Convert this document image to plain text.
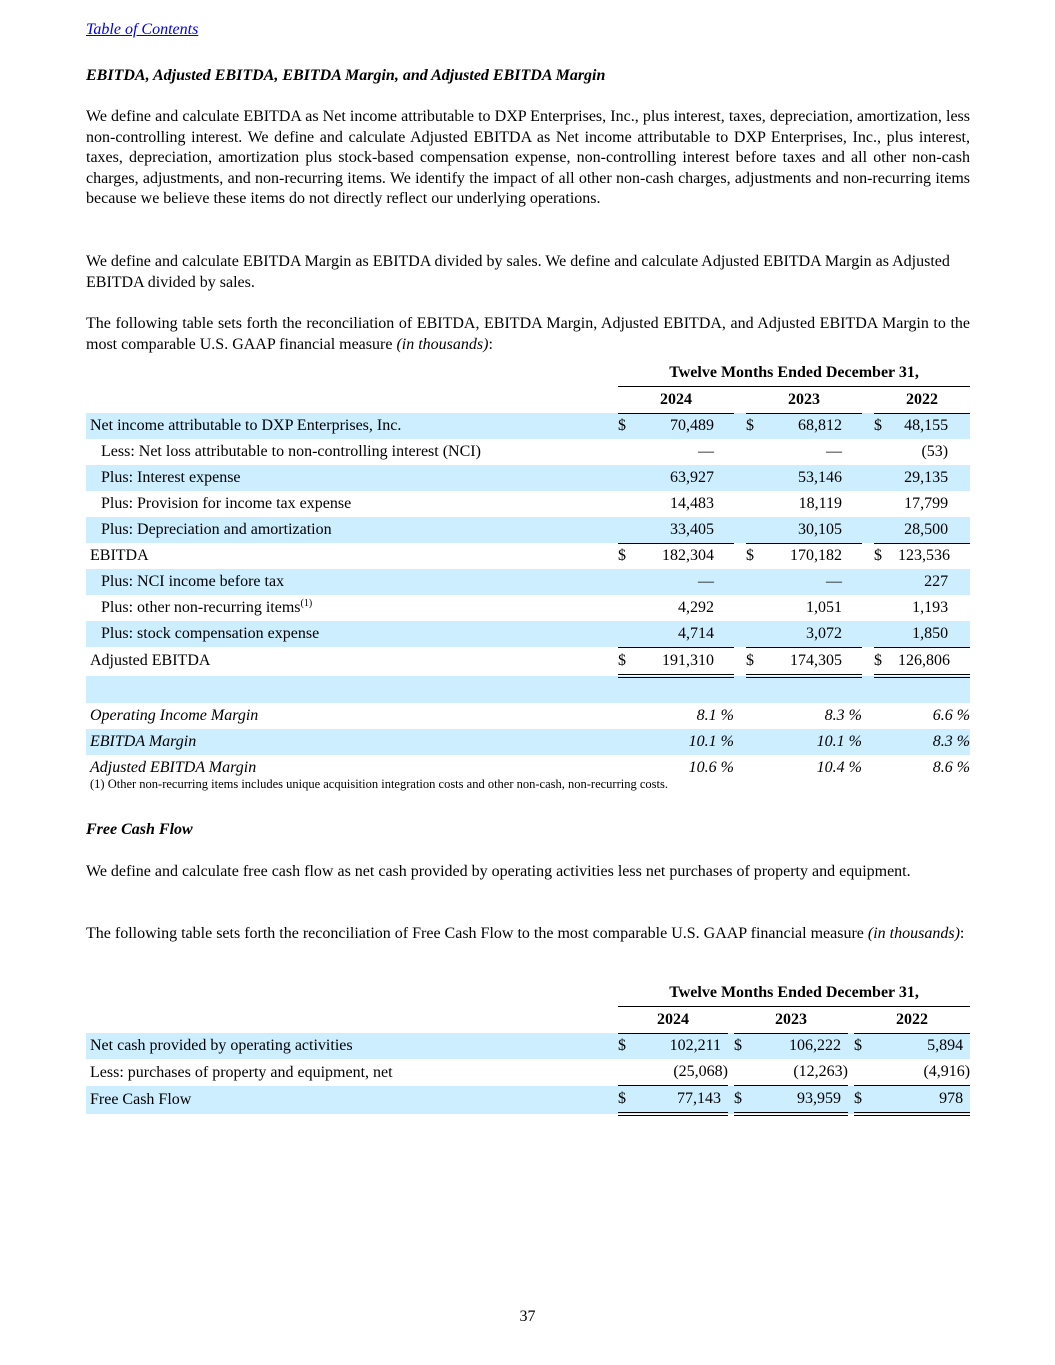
Table of Contents

EBITDA, Adjusted EBITDA, EBITDA Margin, and Adjusted EBITDA Margin

We define and calculate EBITDA as Net income attributable to DXP Enterprises, Inc., plus interest, taxes, depreciation, amortization, less non-controlling interest. We define and calculate Adjusted EBITDA as Net income attributable to DXP Enterprises, Inc., plus interest, taxes, depreciation, amortization plus stock-based compensation expense, non-controlling interest before taxes and all other non-cash charges, adjustments, and non-recurring items. We identify the impact of all other non-cash charges, adjustments and non-recurring items because we believe these items do not directly reflect our underlying operations.

We define and calculate EBITDA Margin as EBITDA divided by sales. We define and calculate Adjusted EBITDA Margin as Adjusted EBITDA divided by sales.

The following table sets forth the reconciliation of EBITDA, EBITDA Margin, Adjusted EBITDA, and Adjusted EBITDA Margin to the most comparable U.S. GAAP financial measure (in thousands):

		Twelve Months Ended December 31,							
		2024			2023			2022	
Net income attributable to DXP Enterprises, Inc.		$	70,489		$	68,812		$	48,155
Less: Net loss attributable to non-controlling interest (NCI)			—			—			(53)
Plus: Interest expense			63,927			53,146			29,135
Plus: Provision for income tax expense			14,483			18,119			17,799
Plus: Depreciation and amortization			33,405			30,105			28,500
EBITDA		$	182,304		$	170,182		$	123,536
Plus: NCI income before tax			—			—			227
Plus: other non-recurring items$^{(1)}$			4,292			1,051			1,193
Plus: stock compensation expense			4,714			3,072			1,850
Adjusted EBITDA		$	191,310		$	174,305		$	126,806

Operating Income Margin		8.1 %			8.3 %			6.6 %	
EBITDA Margin		10.1 %			10.1 %			8.3 %	
Adjusted EBITDA Margin		10.6 %			10.4 %			8.6 %	

(1) Other non-recurring items includes unique acquisition integration costs and other non-cash, non-recurring costs.

Free Cash Flow

We define and calculate free cash flow as net cash provided by operating activities less net purchases of property and equipment.

The following table sets forth the reconciliation of Free Cash Flow to the most comparable U.S. GAAP financial measure (in thousands):

		Twelve Months Ended December 31,							
		2024			2023			2022	
Net cash provided by operating activities		$	102,211		$	106,222		$	5,894
Less: purchases of property and equipment, net			(25,068)			(12,263)			(4,916)
Free Cash Flow		$	77,143		$	93,959		$	978
37
